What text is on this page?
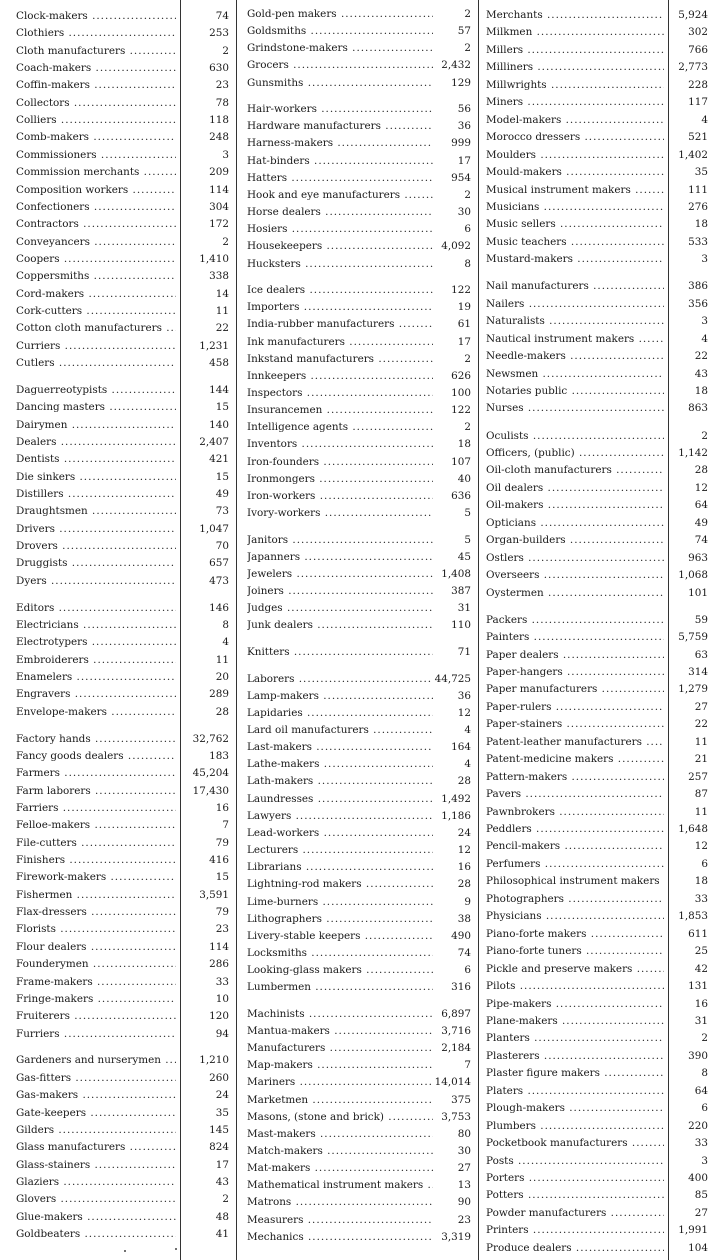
Clock-makers .....	74
Clothiers .....	253
Cloth manufacturers .....	2
Coach-makers .....	630
Coffin-makers .....	23
Collectors .....	78
Colliers .....	118
Comb-makers .....	248
Commissioners .....	3
Commission merchants .....	209
Composition workers .....	114
Confectioners .....	304
Contractors .....	172
Conveyancers .....	2
Coopers .....	1,410
Coppersmiths .....	338
Cord-makers .....	14
Cork-cutters .....	11
Cotton cloth manufacturers .....	22
Curriers .....	1,231
Cutlers .....	458
Daguerreotypists .....	144
Dancing masters .....	15
Dairymen .....	140
Dealers .....	2,407
Dentists .....	421
Die sinkers .....	15
Distillers .....	49
Draughtsmen .....	73
Drivers .....	1,047
Drovers .....	70
Druggists .....	657
Dyers .....	473
Editors .....	146
Electricians .....	8
Electrotypers .....	4
Embroiderers .....	11
Enamelers .....	20
Engravers .....	289
Envelope-makers .....	28
Factory hands .....	32,762
Fancy goods dealers .....	183
Farmers .....	45,204
Farm laborers .....	17,430
Farriers .....	16
Felloe-makers .....	7
File-cutters .....	79
Finishers .....	416
Firework-makers .....	15
Fishermen .....	3,591
Flax-dressers .....	79
Florists .....	23
Flour dealers .....	114
Founderymen .....	286
Frame-makers .....	33
Fringe-makers .....	10
Fruiterers .....	120
Furriers .....	94
Gardeners and nurserymen .....	1,210
Gas-fitters .....	260
Gas-makers .....	24
Gate-keepers .....	35
Gilders .....	145
Glass manufacturers .....	824
Glass-stainers .....	17
Glaziers .....	43
Glovers .....	2
Glue-makers .....	48
Goldbeaters .....	41
Gold-pen makers .....	2
Goldsmiths .....	57
Grindstone-makers .....	2
Grocers .....	2,432
Gunsmiths .....	129
Hair-workers .....	56
Hardware manufacturers .....	36
Harness-makers .....	999
Hat-binders .....	17
Hatters .....	954
Hook and eye manufacturers .....	2
Horse dealers .....	30
Hosiers .....	6
Housekeepers .....	4,092
Hucksters .....	8
Ice dealers .....	122
Importers .....	19
India-rubber manufacturers .....	61
Ink manufacturers .....	17
Inkstand manufacturers .....	2
Innkeepers .....	626
Inspectors .....	100
Insurancemen .....	122
Intelligence agents .....	2
Inventors .....	18
Iron-founders .....	107
Ironmongers .....	40
Iron-workers .....	636
Ivory-workers .....	5
Janitors .....	5
Japanners .....	45
Jewelers .....	1,408
Joiners .....	387
Judges .....	31
Junk dealers .....	110
Knitters .....	71
Laborers .....	44,725
Lamp-makers .....	36
Lapidaries .....	12
Lard oil manufacturers .....	4
Last-makers .....	164
Lathe-makers .....	4
Lath-makers .....	28
Laundresses .....	1,492
Lawyers .....	1,186
Lead-workers .....	24
Lecturers .....	12
Librarians .....	16
Lightning-rod makers .....	28
Lime-burners .....	9
Lithographers .....	38
Livery-stable keepers .....	490
Locksmiths .....	74
Looking-glass makers .....	6
Lumbermen .....	316
Machinists .....	6,897
Mantua-makers .....	3,716
Manufacturers .....	2,184
Map-makers .....	7
Mariners .....	14,014
Marketmen .....	375
Masons, (stone and brick) .....	3,753
Mast-makers .....	80
Match-makers .....	30
Mat-makers .....	27
Mathematical instrument makers .....	13
Matrons .....	90
Measurers .....	23
Mechanics .....	3,319
Merchants .....	5,924
Milkmen .....	302
Millers .....	766
Milliners .....	2,773
Millwrights .....	228
Miners .....	117
Model-makers .....	4
Morocco dressers .....	521
Moulders .....	1,402
Mould-makers .....	35
Musical instrument makers .....	111
Musicians .....	276
Music sellers .....	18
Music teachers .....	533
Mustard-makers .....	3
Nail manufacturers .....	386
Nailers .....	356
Naturalists .....	3
Nautical instrument makers .....	4
Needle-makers .....	22
Newsmen .....	43
Notaries public .....	18
Nurses .....	863
Oculists .....	2
Officers, (public) .....	1,142
Oil-cloth manufacturers .....	28
Oil dealers .....	12
Oil-makers .....	64
Opticians .....	49
Organ-builders .....	74
Ostlers .....	963
Overseers .....	1,068
Oystermen .....	101
Packers .....	59
Painters .....	5,759
Paper dealers .....	63
Paper-hangers .....	314
Paper manufacturers .....	1,279
Paper-rulers .....	27
Paper-stainers .....	22
Patent-leather manufacturers .....	11
Patent-medicine makers .....	21
Pattern-makers .....	257
Pavers .....	87
Pawnbrokers .....	11
Peddlers .....	1,648
Pencil-makers .....	12
Perfumers .....	6
Philosophical instrument makers .....	18
Photographers .....	33
Physicians .....	1,853
Piano-forte makers .....	611
Piano-forte tuners .....	25
Pickle and preserve makers .....	42
Pilots .....	131
Pipe-makers .....	16
Plane-makers .....	31
Planters .....	2
Plasterers .....	390
Plaster figure makers .....	8
Platers .....	64
Plough-makers .....	6
Plumbers .....	220
Pocketbook manufacturers .....	33
Posts .....	3
Porters .....	400
Potters .....	85
Powder manufacturers .....	27
Printers .....	1,991
Produce dealers .....	104
